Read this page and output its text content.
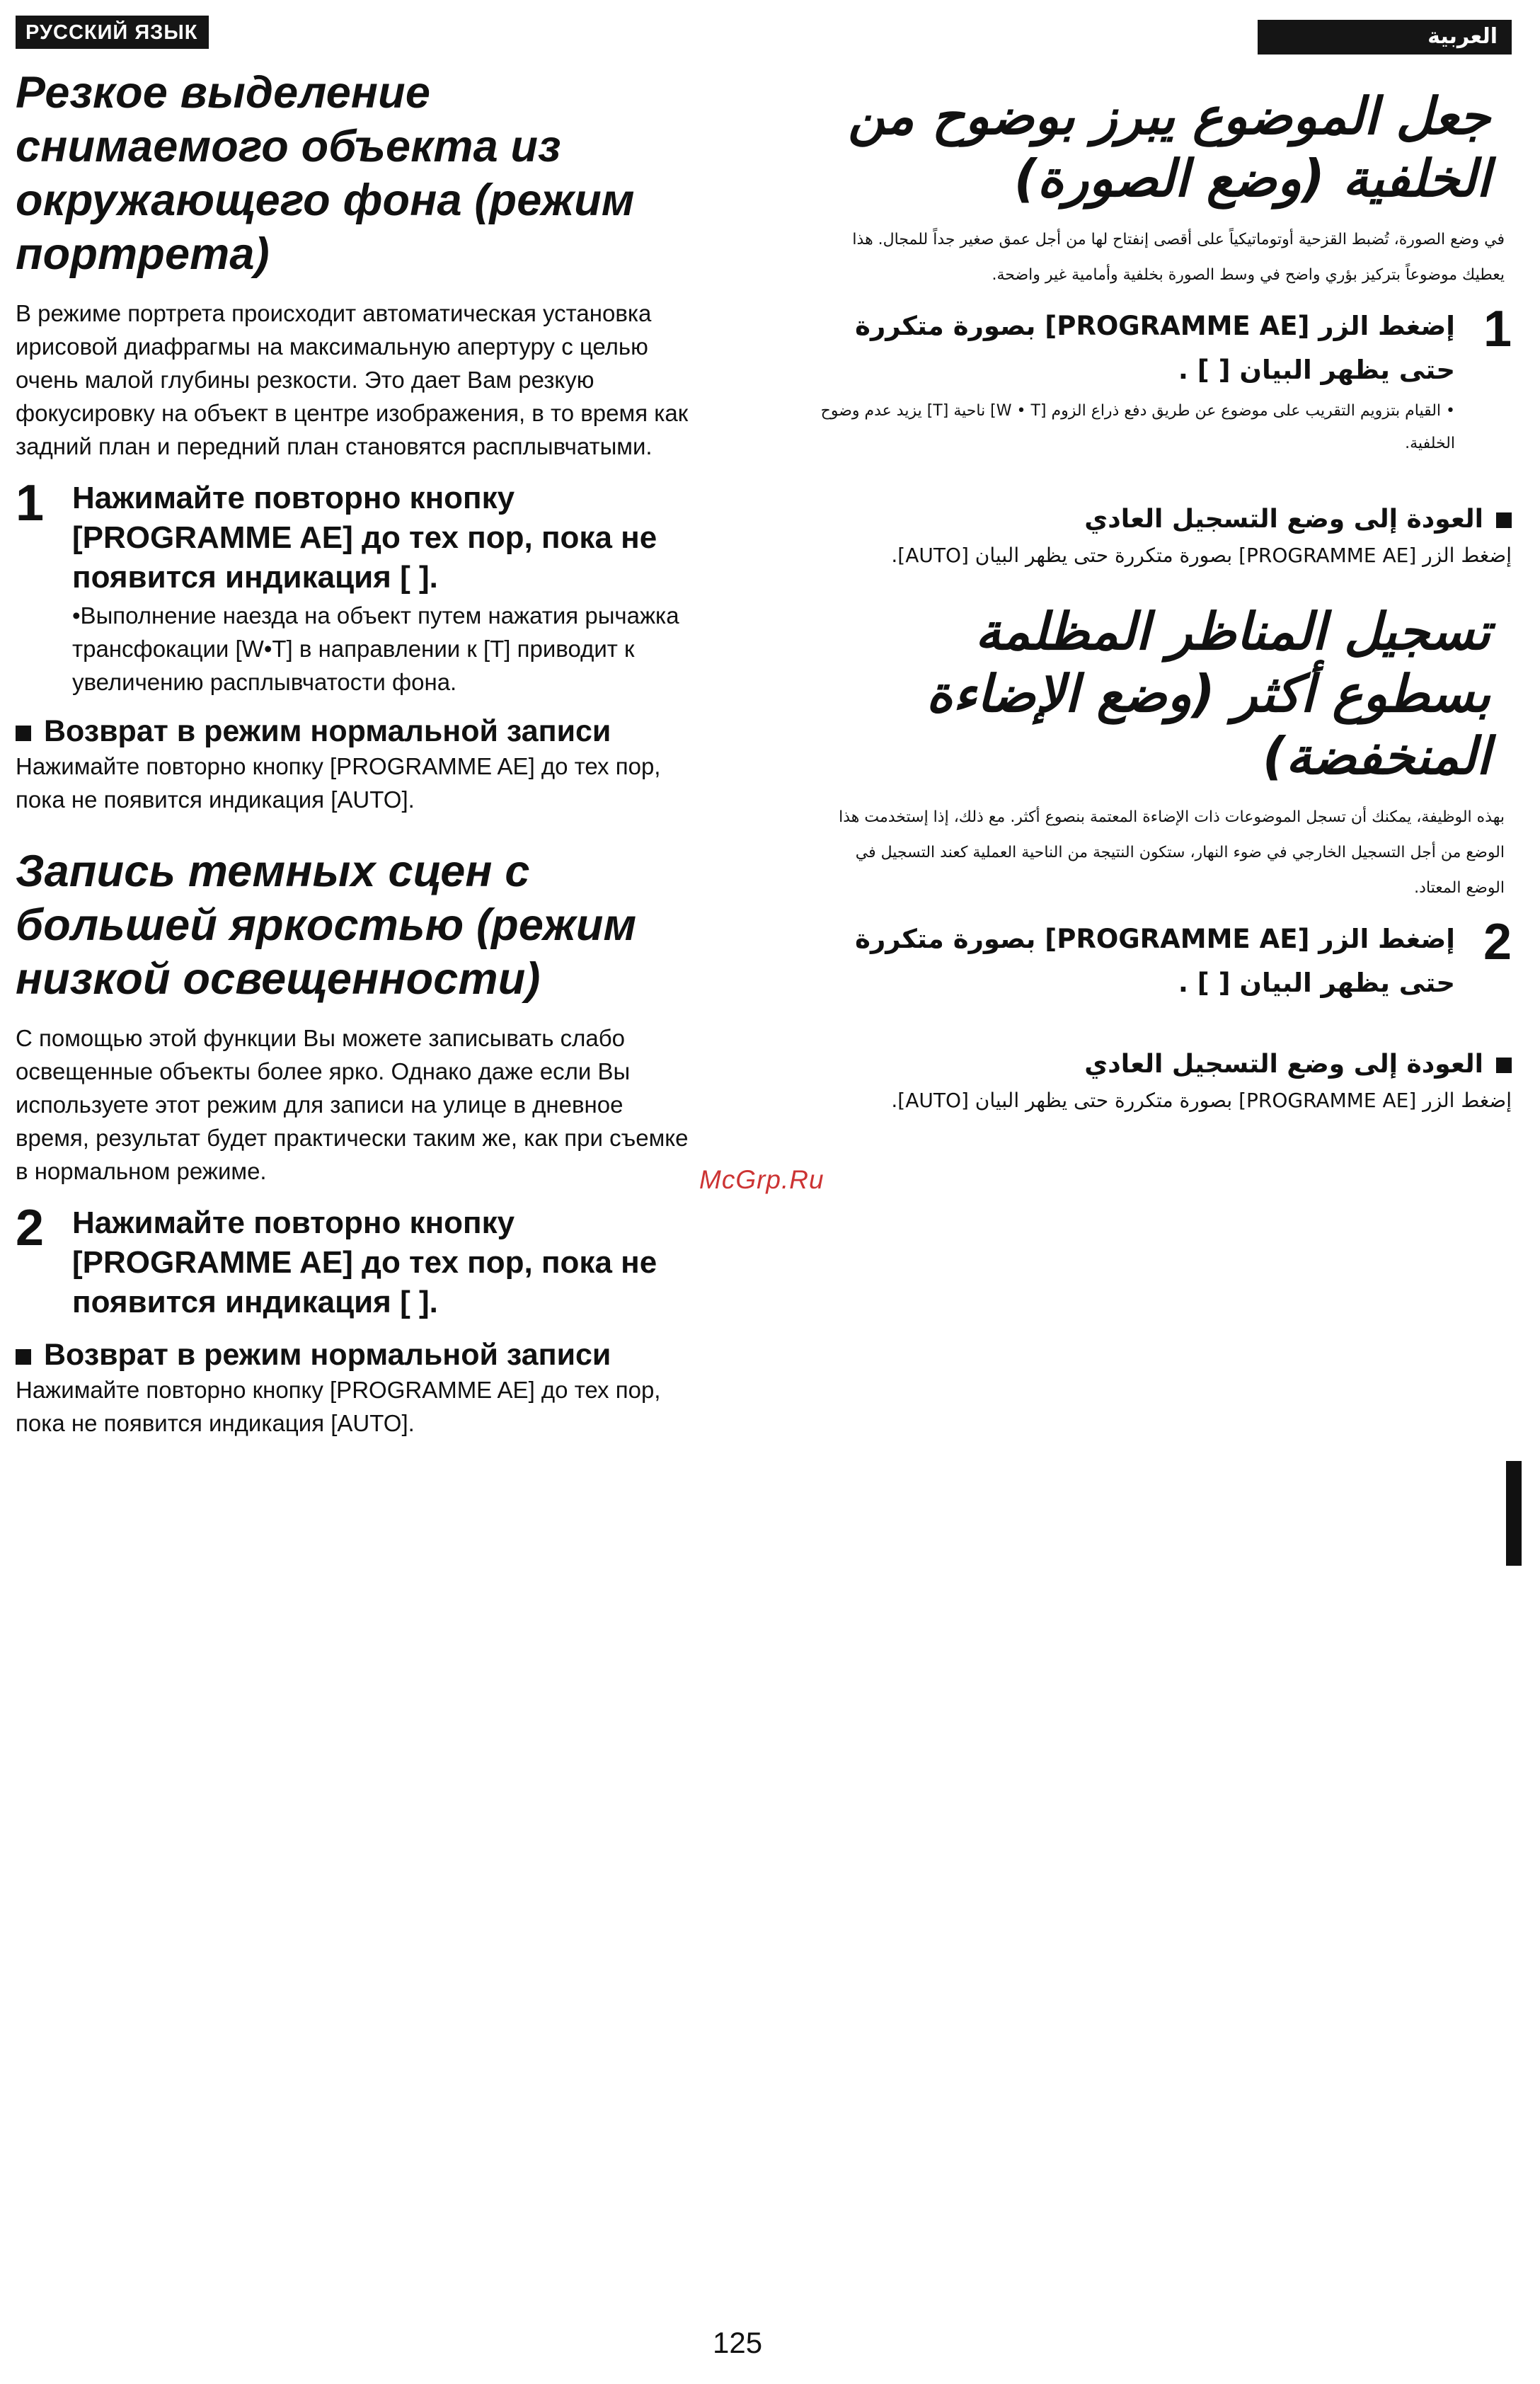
РУССКИЙ ЯЗЫК
Резкое выделение снимаемого объекта из окружающего фона (режим портрета)

В режиме портрета происходит автоматическая установка ирисовой диафрагмы на максимальную апертуру с целью очень малой глубины резкости. Это дает Вам резкую фокусировку на объект в центре изображения, в то время как задний план и передний план становятся расплывчатыми.

1 Нажимайте повторно кнопку [PROGRAMME AE] до тех пор, пока не появится индикация [ ].
•Выполнение наезда на объект путем нажатия рычажка трансфокации [W•T] в направлении к [T] приводит к увеличению расплывчатости фона.
Возврат в режим нормальной записи

Нажимайте повторно кнопку [PROGRAMME AE] до тех пор, пока не появится индикация [AUTO].

Запись темных сцен с большей яркостью (режим низкой освещенности)

С помощью этой функции Вы можете записывать слабо освещенные объекты более ярко. Однако даже если Вы используете этот режим для записи на улице в дневное время, результат будет практически таким же, как при съемке в нормальном режиме.

2 Нажимайте повторно кнопку [PROGRAMME AE] до тех пор, пока не появится индикация [ ].
Возврат в режим нормальной записи

Нажимайте повторно кнопку [PROGRAMME AE] до тех пор, пока не появится индикация [AUTO].

العربية
جعل الموضوع يبرز بوضوح من الخلفية (وضع الصورة)

في وضع الصورة، تُضبط القزحية أوتوماتيكياً على أقصى إنفتاح لها من أجل عمق صغير جداً للمجال. هذا يعطيك موضوعاً بتركيز بؤري واضح في وسط الصورة بخلفية وأمامية غير واضحة.

1
إضغط الزر [PROGRAMME AE] بصورة متكررة حتى يظهر البيان [ ] .
• القيام بتزويم التقريب على موضوع عن طريق دفع ذراع الزوم [W • T] ناحية [T] يزيد عدم وضوح الخلفية.
العودة إلى وضع التسجيل العادي

إضغط الزر [PROGRAMME AE] بصورة متكررة حتى يظهر البيان [AUTO].

تسجيل المناظر المظلمة بسطوع أكثر (وضع الإضاءة المنخفضة)

بهذه الوظيفة، يمكنك أن تسجل الموضوعات ذات الإضاءة المعتمة بنصوع أكثر. مع ذلك، إذا إستخدمت هذا الوضع من أجل التسجيل الخارجي في ضوء النهار، ستكون النتيجة من الناحية العملية كعند التسجيل في الوضع المعتاد.

2
إضغط الزر [PROGRAMME AE] بصورة متكررة حتى يظهر البيان [ ] .
العودة إلى وضع التسجيل العادي

إضغط الزر [PROGRAMME AE] بصورة متكررة حتى يظهر البيان [AUTO].

McGrp.Ru
125
